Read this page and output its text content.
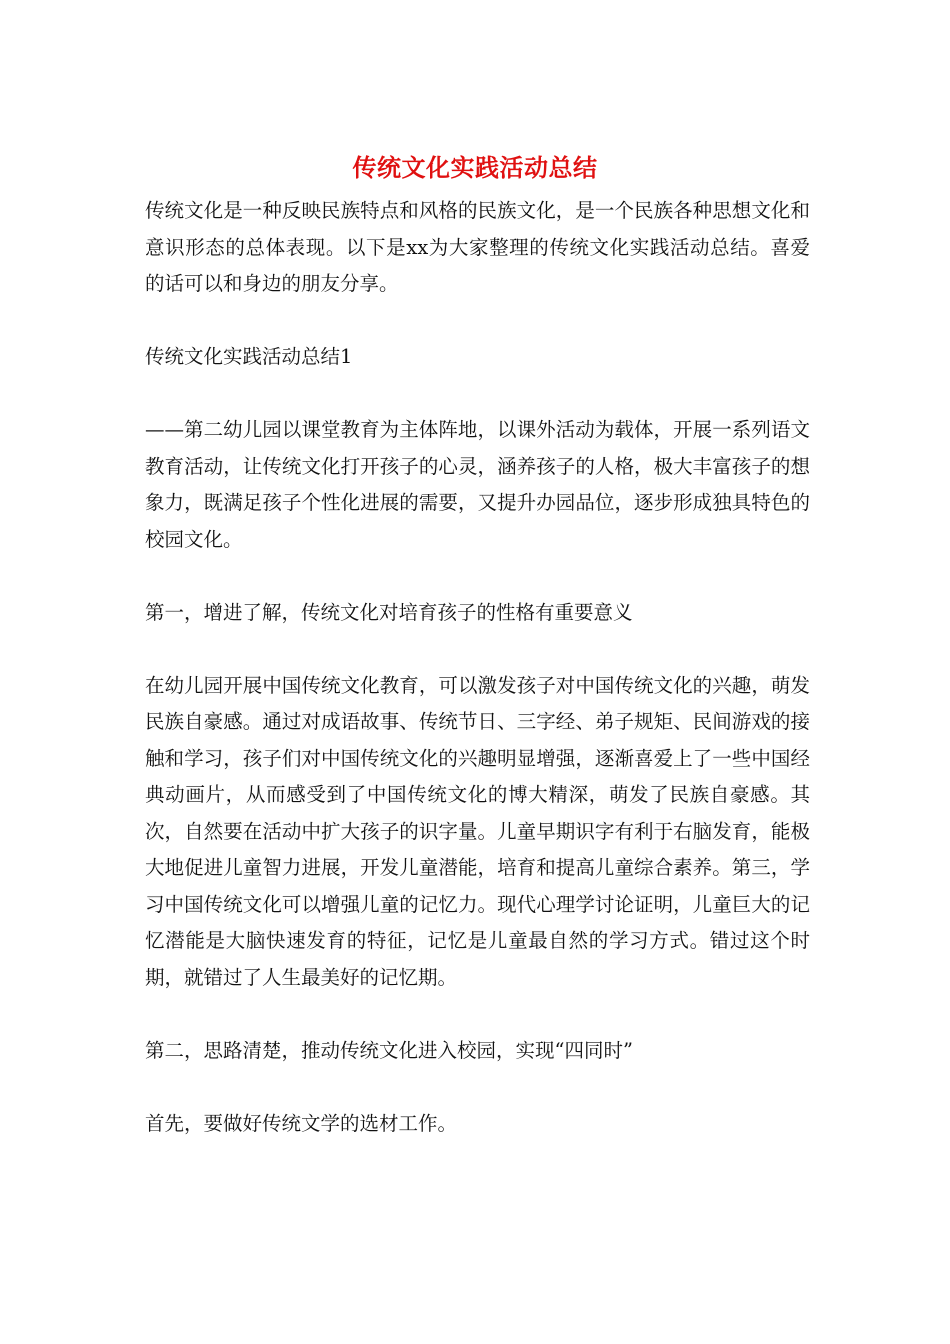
传统文化实践活动总结

传统文化是一种反映民族特点和风格的民族文化，是一个民族各种思想文化和意识形态的总体表现。以下是xx为大家整理的传统文化实践活动总结。喜爱的话可以和身边的朋友分享。

传统文化实践活动总结1

——第二幼儿园以课堂教育为主体阵地，以课外活动为载体，开展一系列语文教育活动，让传统文化打开孩子的心灵，涵养孩子的人格，极大丰富孩子的想象力，既满足孩子个性化进展的需要，又提升办园品位，逐步形成独具特色的校园文化。

第一，增进了解，传统文化对培育孩子的性格有重要意义

在幼儿园开展中国传统文化教育，可以激发孩子对中国传统文化的兴趣，萌发民族自豪感。通过对成语故事、传统节日、三字经、弟子规矩、民间游戏的接触和学习，孩子们对中国传统文化的兴趣明显增强，逐渐喜爱上了一些中国经典动画片，从而感受到了中国传统文化的博大精深，萌发了民族自豪感。其次，自然要在活动中扩大孩子的识字量。儿童早期识字有利于右脑发育，能极大地促进儿童智力进展，开发儿童潜能，培育和提高儿童综合素养。第三，学习中国传统文化可以增强儿童的记忆力。现代心理学讨论证明，儿童巨大的记忆潜能是大脑快速发育的特征，记忆是儿童最自然的学习方式。错过这个时期，就错过了人生最美好的记忆期。

第二，思路清楚，推动传统文化进入校园，实现“四同时”

首先，要做好传统文学的选材工作。
